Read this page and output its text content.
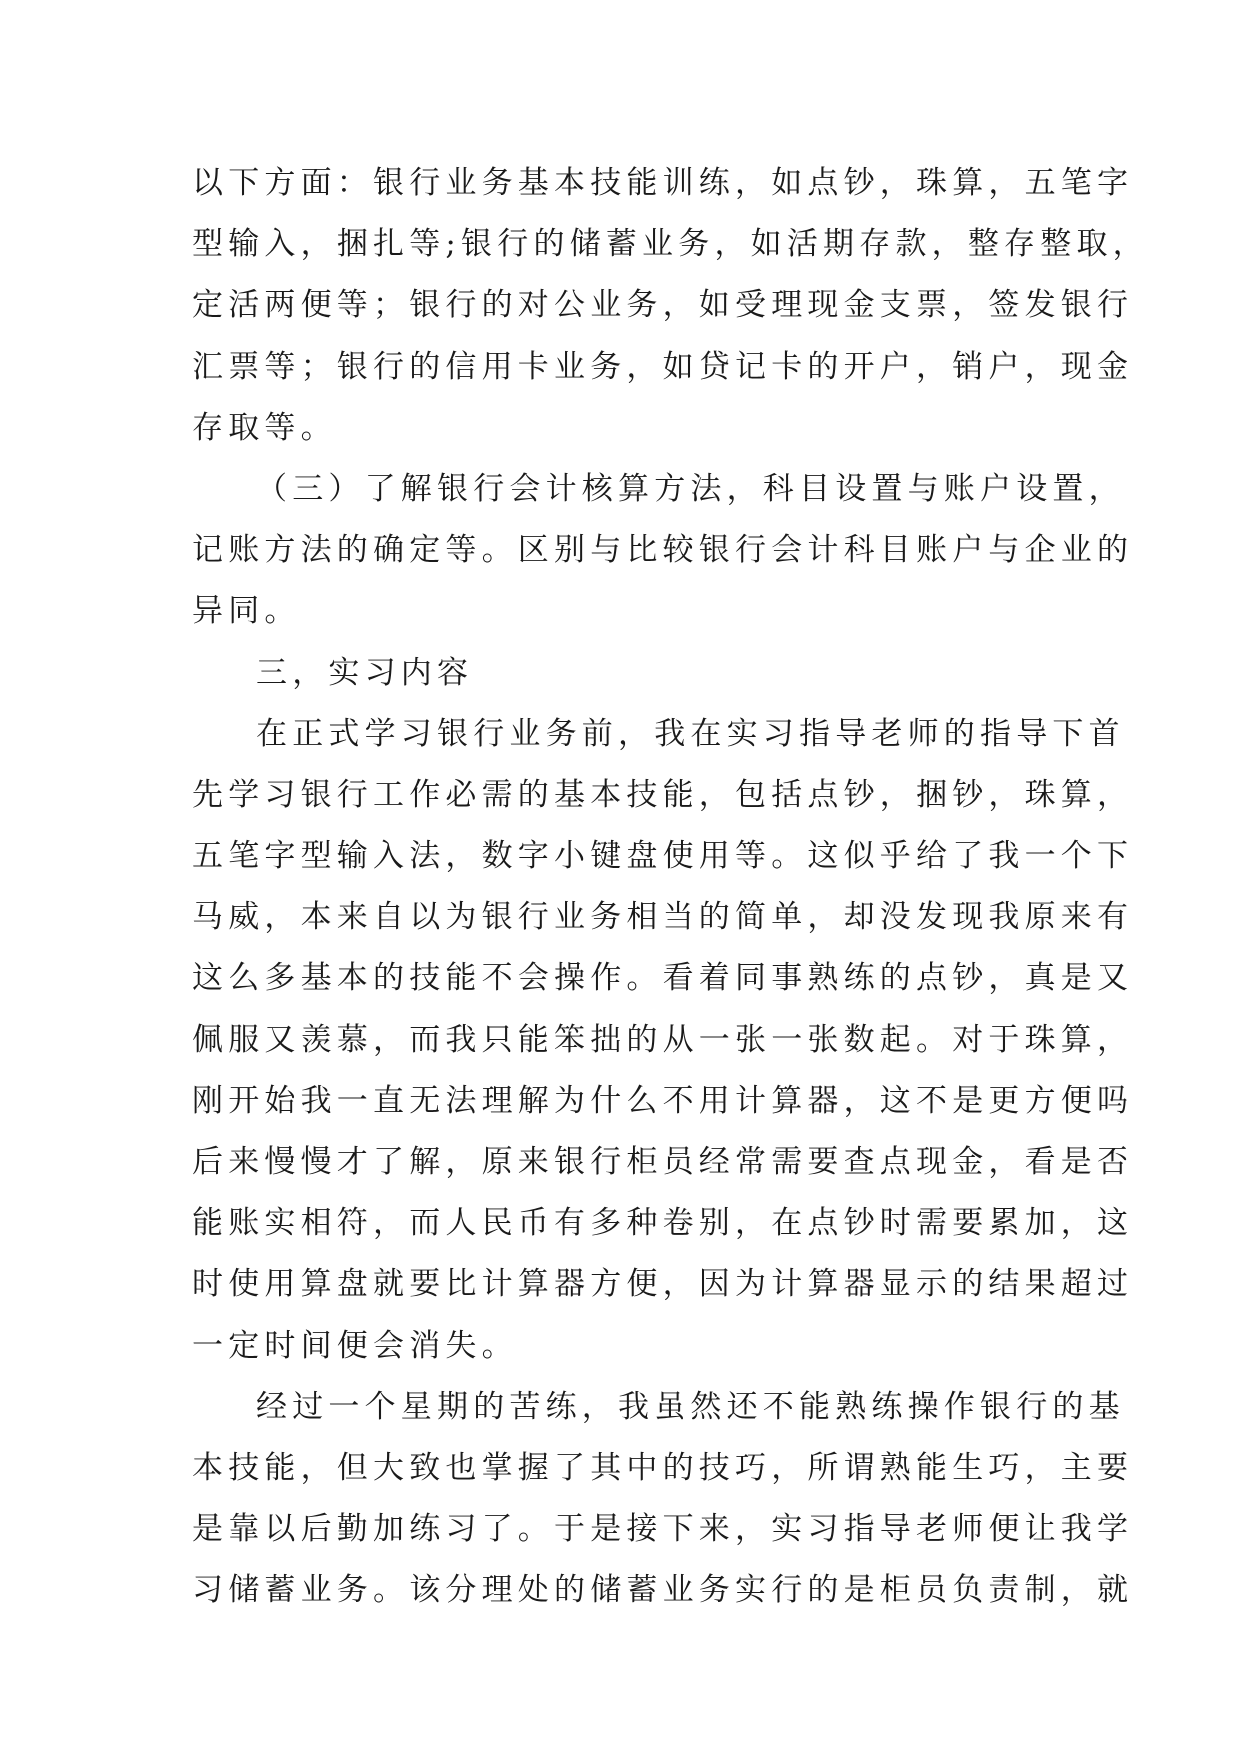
以下方面：银行业务基本技能训练，如点钞，珠算，五笔字
型输入，捆扎等;银行的储蓄业务，如活期存款，整存整取，
定活两便等；银行的对公业务，如受理现金支票，签发银行
汇票等；银行的信用卡业务，如贷记卡的开户，销户，现金
存取等。
（三）了解银行会计核算方法，科目设置与账户设置，
记账方法的确定等。区别与比较银行会计科目账户与企业的
异同。
三，实习内容
在正式学习银行业务前，我在实习指导老师的指导下首
先学习银行工作必需的基本技能，包括点钞，捆钞，珠算，
五笔字型输入法，数字小键盘使用等。这似乎给了我一个下
马威，本来自以为银行业务相当的简单，却没发现我原来有
这么多基本的技能不会操作。看着同事熟练的点钞，真是又
佩服又羡慕，而我只能笨拙的从一张一张数起。对于珠算，
刚开始我一直无法理解为什么不用计算器，这不是更方便吗
后来慢慢才了解，原来银行柜员经常需要查点现金，看是否
能账实相符，而人民币有多种卷别，在点钞时需要累加，这
时使用算盘就要比计算器方便，因为计算器显示的结果超过
一定时间便会消失。
经过一个星期的苦练，我虽然还不能熟练操作银行的基
本技能，但大致也掌握了其中的技巧，所谓熟能生巧，主要
是靠以后勤加练习了。于是接下来，实习指导老师便让我学
习储蓄业务。该分理处的储蓄业务实行的是柜员负责制，就
